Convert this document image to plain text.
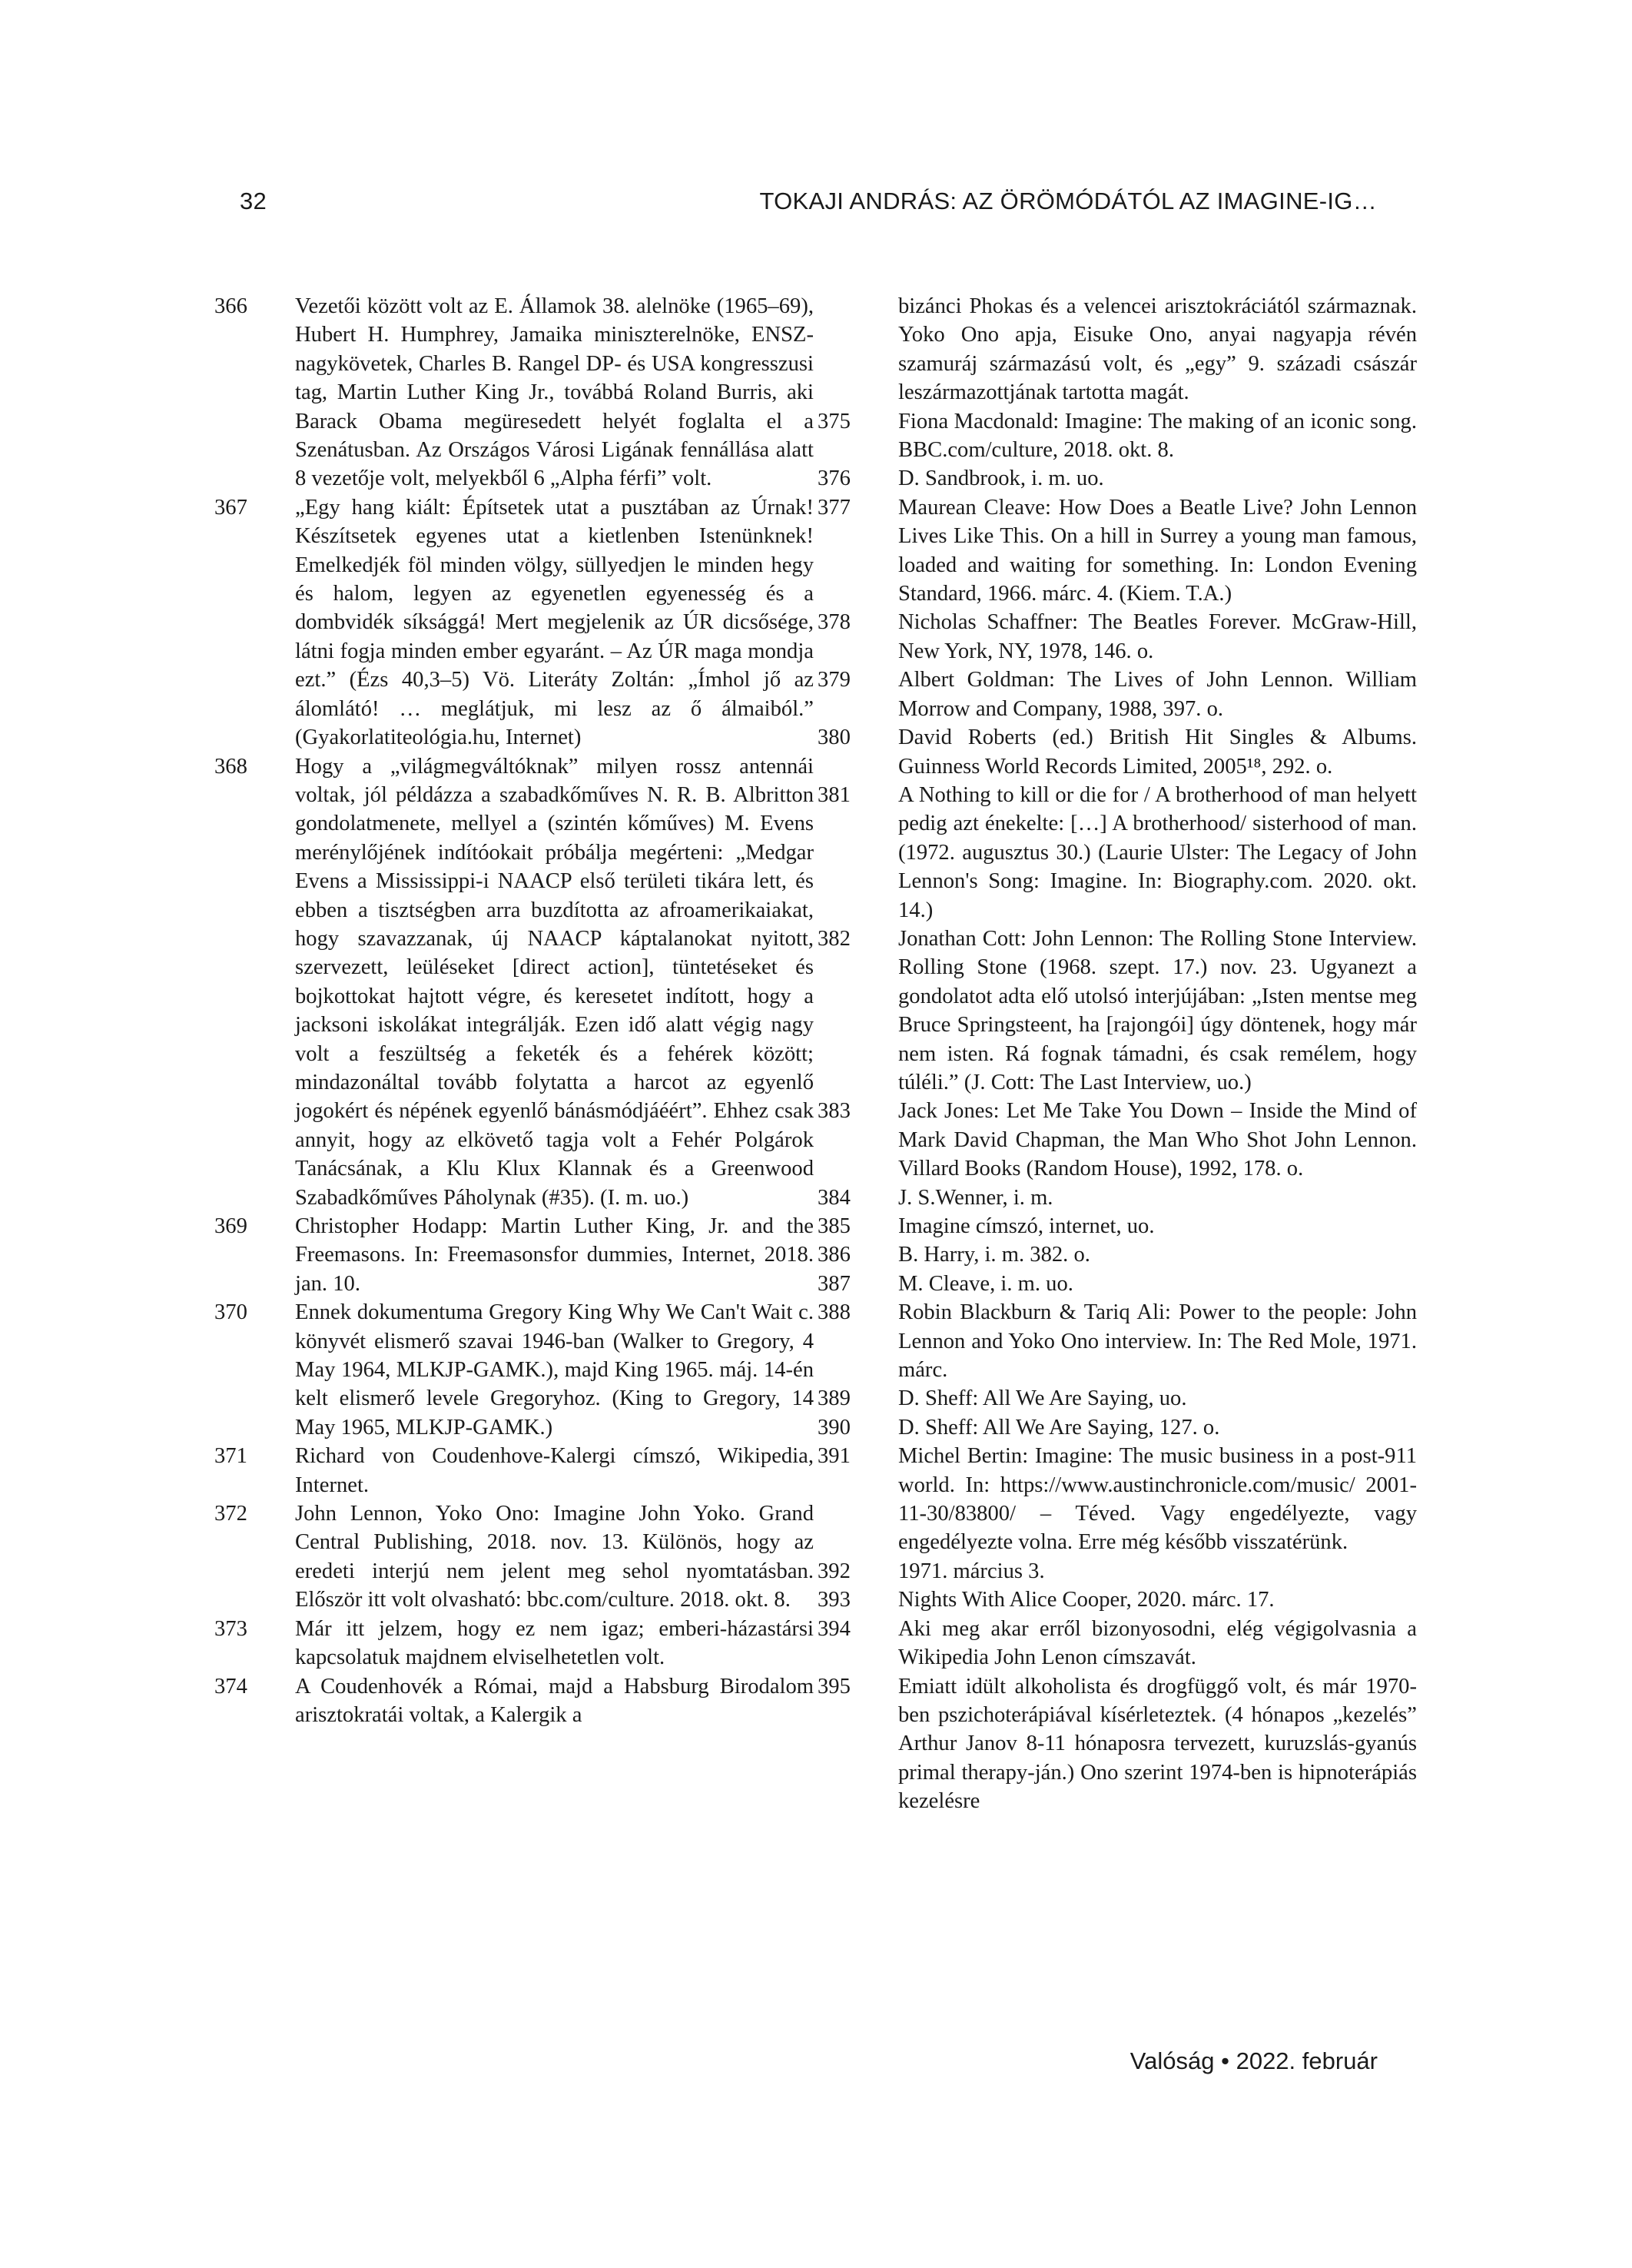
32	TOKAJI ANDRÁS: AZ ÖRÖMÓDÁTÓL AZ IMAGINE-IG…

366	Vezetői között volt az E. Államok 38. alelnöke (1965–69), Hubert H. Humphrey, Jamaika miniszterelnöke, ENSZ-nagykövetek, Charles B. Rangel DP- és USA kongresszusi tag, Martin Luther King Jr., továbbá Roland Burris, aki Barack Obama megüresedett helyét foglalta el a Szenátusban. Az Országos Városi Ligának fennállása alatt 8 vezetője volt, melyekből 6 „Alpha férfi” volt.

367	„Egy hang kiált: Építsetek utat a pusztában az Úrnak! Készítsetek egyenes utat a kietlenben Istenünknek! Emelkedjék föl minden völgy, süllyedjen le minden hegy és halom, legyen az egyenetlen egyenesség és a dombvidék síksággá! Mert megjelenik az ÚR dicsősége, látni fogja minden ember egyaránt. – Az ÚR maga mondja ezt.” (Ézs 40,3–5) Vö. Literáty Zoltán: „Ímhol jő az álomlátó! … meglátjuk, mi lesz az ő álmaiból.” (Gyakorlatiteológia.hu, Internet)

368	Hogy a „világmegváltóknak” milyen rossz antennái voltak, jól példázza a szabadkőműves N. R. B. Albritton gondolatmenete, mellyel a (szintén kőműves) M. Evens merénylőjének indítóokait próbálja megérteni: „Medgar Evens a Mississippi-i NAACP első területi tikára lett, és ebben a tisztségben arra buzdította az afroamerikaiakat, hogy szavazzanak, új NAACP káptalanokat nyitott, szervezett, leüléseket [direct action], tüntetéseket és bojkottokat hajtott végre, és keresetet indított, hogy a jacksoni iskolákat integrálják. Ezen idő alatt végig nagy volt a feszültség a feketék és a fehérek között; mindazonáltal tovább folytatta a harcot az egyenlő jogokért és népének egyenlő bánásmódjáéért”. Ehhez csak annyit, hogy az elkövető tagja volt a Fehér Polgárok Tanácsának, a Klu Klux Klannak és a Greenwood Szabadkőműves Páholynak (#35). (I. m. uo.)

369	Christopher Hodapp: Martin Luther King, Jr. and the Freemasons. In: Freemasonsfor dummies, Internet, 2018. jan. 10.

370	Ennek dokumentuma Gregory King Why We Can't Wait c. könyvét elismerő szavai 1946-ban (Walker to Gregory, 4 May 1964, MLKJP-GAMK.), majd King 1965. máj. 14-én kelt elismerő levele Gregoryhoz. (King to Gregory, 14 May 1965, MLKJP-GAMK.)

371	Richard von Coudenhove-Kalergi címszó, Wikipedia, Internet.

372	John Lennon, Yoko Ono: Imagine John Yoko. Grand Central Publishing, 2018. nov. 13. Különös, hogy az eredeti interjú nem jelent meg sehol nyomtatásban. Először itt volt olvasható: bbc.com/culture. 2018. okt. 8.

373	Már itt jelzem, hogy ez nem igaz; emberi-házastársi kapcsolatuk majdnem elviselhetetlen volt.

374	A Coudenhovék a Római, majd a Habsburg Birodalom arisztokratái voltak, a Kalergik a

bizánci Phokas és a velencei arisztokráciától származnak. Yoko Ono apja, Eisuke Ono, anyai nagyapja révén szamuráj származású volt, és „egy” 9. századi császár leszármazottjának tartotta magát.

375	Fiona Macdonald: Imagine: The making of an iconic song. BBC.com/culture, 2018. okt. 8.

376	D. Sandbrook, i. m. uo.

377	Maurean Cleave: How Does a Beatle Live? John Lennon Lives Like This. On a hill in Surrey a young man famous, loaded and waiting for something. In: London Evening Standard, 1966. márc. 4. (Kiem. T.A.)

378	Nicholas Schaffner: The Beatles Forever. McGraw-Hill, New York, NY, 1978, 146. o.

379	Albert Goldman: The Lives of John Lennon. William Morrow and Company, 1988, 397. o.

380	David Roberts (ed.) British Hit Singles & Albums. Guinness World Records Limited, 2005¹⁸, 292. o.

381	A Nothing to kill or die for / A brotherhood of man helyett pedig azt énekelte: […] A brotherhood/ sisterhood of man. (1972. augusztus 30.) (Laurie Ulster: The Legacy of John Lennon's Song: Imagine. In: Biography.com. 2020. okt. 14.)

382	Jonathan Cott: John Lennon: The Rolling Stone Interview. Rolling Stone (1968. szept. 17.) nov. 23. Ugyanezt a gondolatot adta elő utolsó interjújában: „Isten mentse meg Bruce Springsteent, ha [rajongói] úgy döntenek, hogy már nem isten. Rá fognak támadni, és csak remélem, hogy túléli.” (J. Cott: The Last Interview, uo.)

383	Jack Jones: Let Me Take You Down – Inside the Mind of Mark David Chapman, the Man Who Shot John Lennon. Villard Books (Random House), 1992, 178. o.

384	J. S.Wenner, i. m.

385	Imagine címszó, internet, uo.

386	B. Harry, i. m. 382. o.

387	M. Cleave, i. m. uo.

388	Robin Blackburn & Tariq Ali: Power to the people: John Lennon and Yoko Ono interview. In: The Red Mole, 1971. márc.

389	D. Sheff: All We Are Saying, uo.

390	D. Sheff: All We Are Saying, 127. o.

391	Michel Bertin: Imagine: The music business in a post-911 world. In: https://www.austinchronicle.com/music/ 2001-11-30/83800/ – Téved. Vagy engedélyezte, vagy engedélyezte volna. Erre még később visszatérünk.

392	1971. március 3.

393	Nights With Alice Cooper, 2020. márc. 17.

394	Aki meg akar erről bizonyosodni, elég végigolvasnia a Wikipedia John Lenon címszavát.

395	Emiatt idült alkoholista és drogfüggő volt, és már 1970-ben pszichoterápiával kísérleteztek. (4 hónapos „kezelés” Arthur Janov 8-11 hónaposra tervezett, kuruzslás-gyanús primal therapy-ján.) Ono szerint 1974-ben is hipnoterápiás kezelésre

Valóság • 2022. február
